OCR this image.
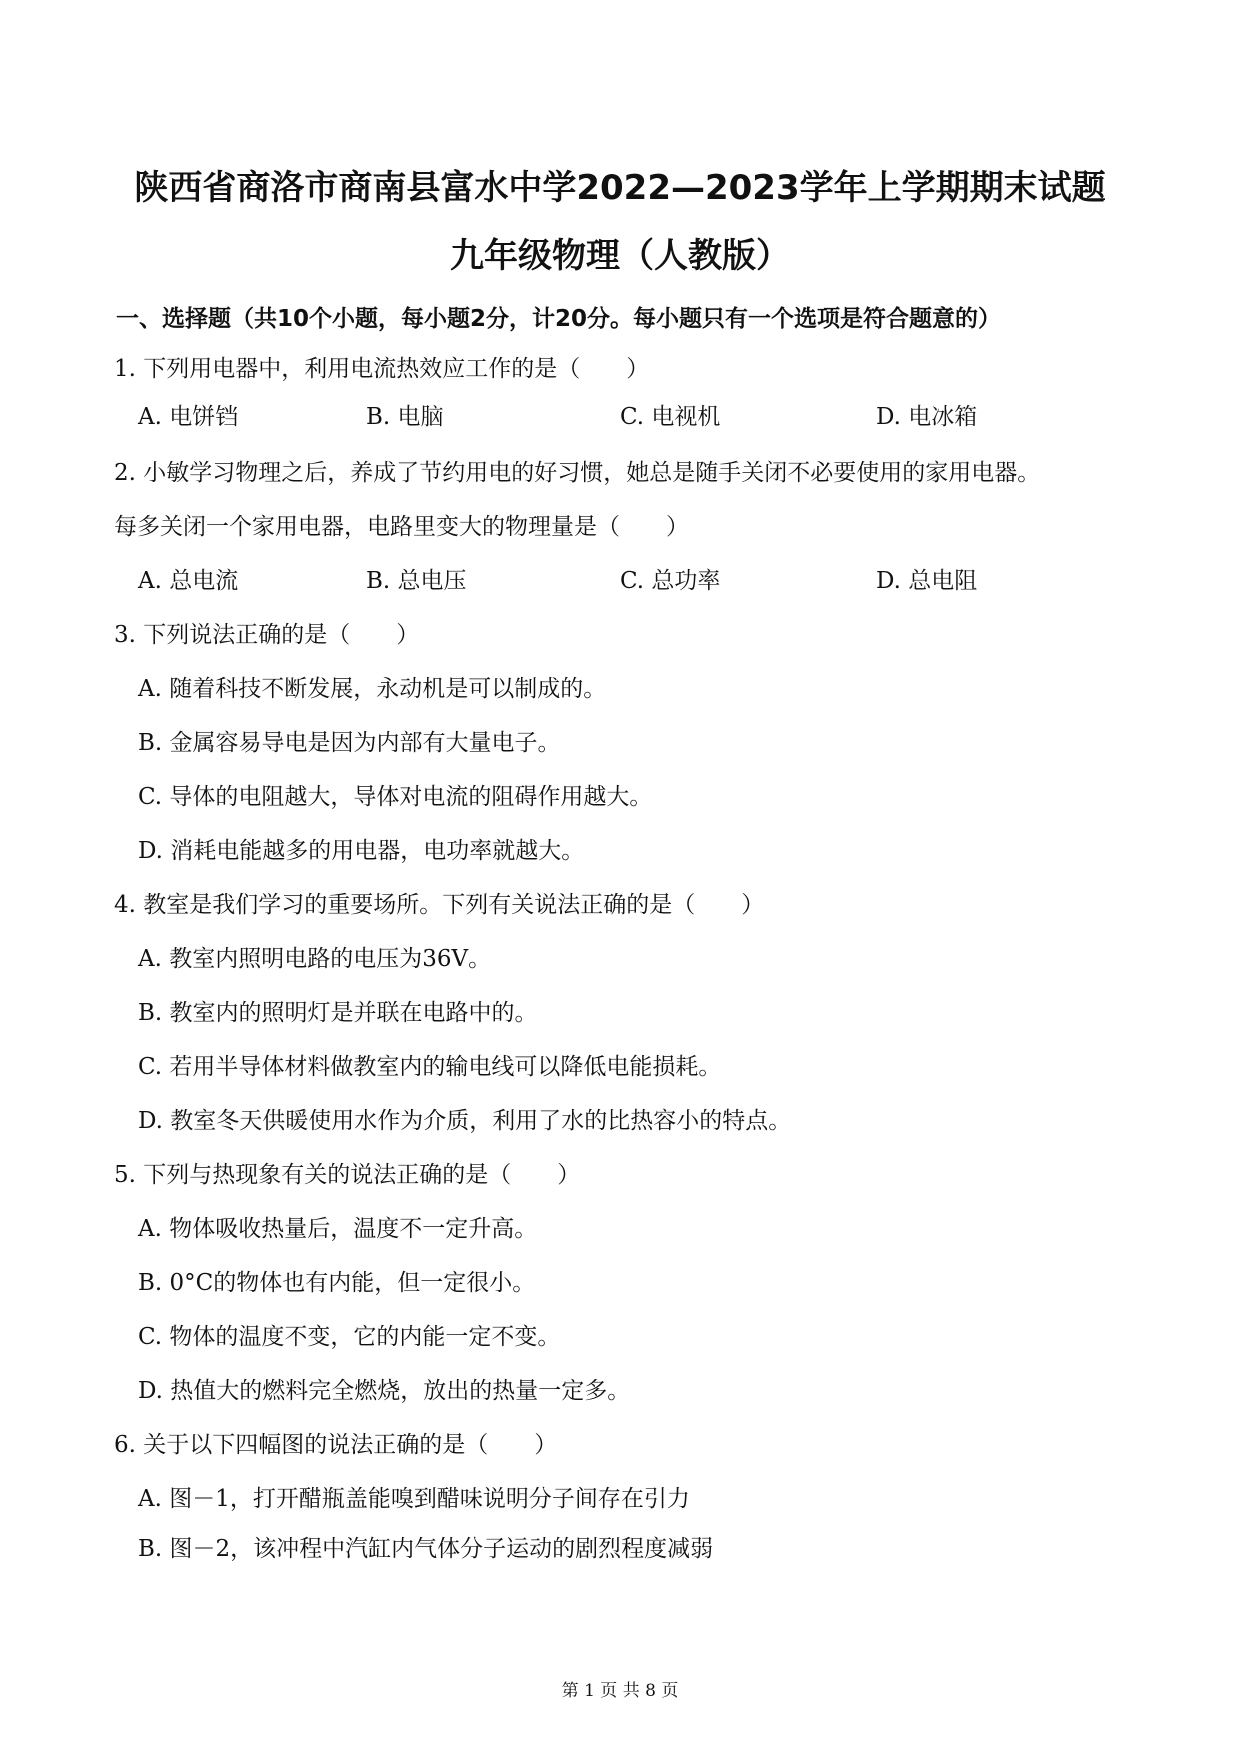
陕西省商洛市商南县富水中学2022—2023学年上学期期末试题
九年级物理（人教版）
一、选择题（共10个小题，每小题2分，计20分。每小题只有一个选项是符合题意的）
1. 下列用电器中，利用电流热效应工作的是（　　）
A. 电饼铛	B. 电脑	C. 电视机	D. 电冰箱
2. 小敏学习物理之后，养成了节约用电的好习惯，她总是随手关闭不必要使用的家用电器。
每多关闭一个家用电器，电路里变大的物理量是（　　）
A. 总电流	B. 总电压	C. 总功率	D. 总电阻
3. 下列说法正确的是（　　）
A. 随着科技不断发展，永动机是可以制成的。
B. 金属容易导电是因为内部有大量电子。
C. 导体的电阻越大，导体对电流的阻碍作用越大。
D. 消耗电能越多的用电器，电功率就越大。
4. 教室是我们学习的重要场所。下列有关说法正确的是（　　）
A. 教室内照明电路的电压为36V。
B. 教室内的照明灯是并联在电路中的。
C. 若用半导体材料做教室内的输电线可以降低电能损耗。
D. 教室冬天供暖使用水作为介质，利用了水的比热容小的特点。
5. 下列与热现象有关的说法正确的是（　　）
A. 物体吸收热量后，温度不一定升高。
B. 0°C的物体也有内能，但一定很小。
C. 物体的温度不变，它的内能一定不变。
D. 热值大的燃料完全燃烧，放出的热量一定多。
6. 关于以下四幅图的说法正确的是（　　）
A. 图－1，打开醋瓶盖能嗅到醋味说明分子间存在引力
B. 图－2，该冲程中汽缸内气体分子运动的剧烈程度减弱
第 1 页 共 8 页
